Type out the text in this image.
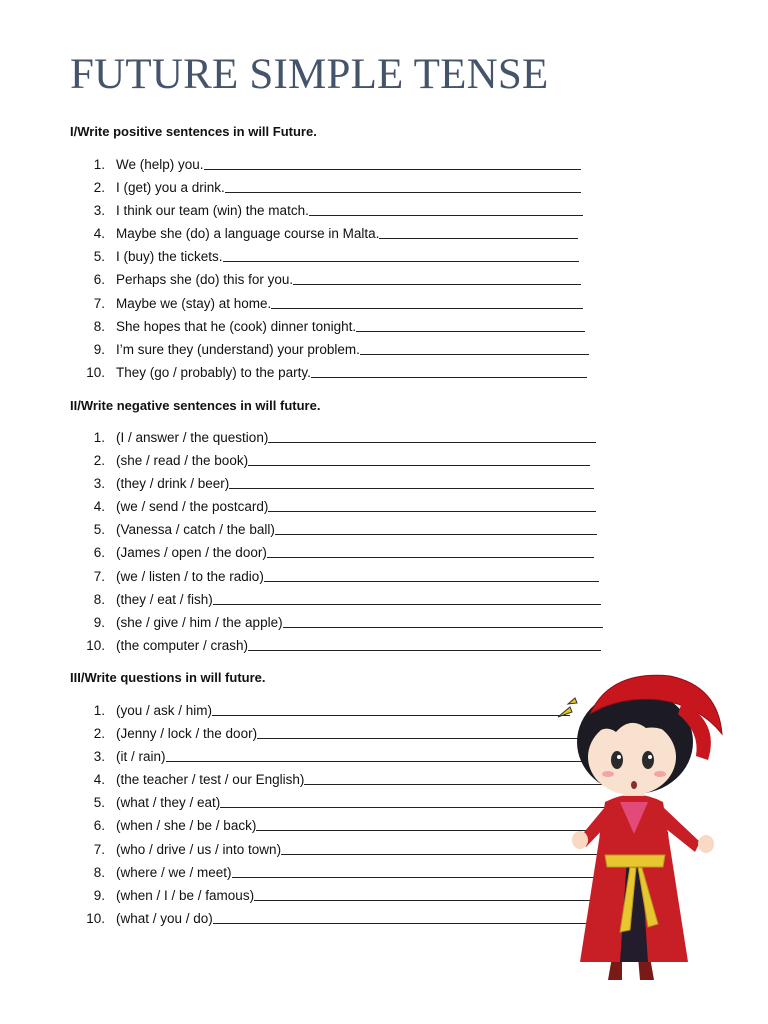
FUTURE SIMPLE TENSE
I/Write positive sentences in will Future.
1. We (help) you.
2. I (get) you a drink.
3. I think our team (win) the match.
4. Maybe she (do) a language course in Malta.
5. I (buy) the tickets.
6. Perhaps she (do) this for you.
7. Maybe we (stay) at home.
8. She hopes that he (cook) dinner tonight.
9. I’m sure they (understand) your problem.
10. They (go / probably) to the party.
II/Write negative sentences in will future.
1. (I / answer / the question)
2. (she / read / the book)
3. (they / drink / beer)
4. (we / send / the postcard)
5. (Vanessa / catch / the ball)
6. (James / open / the door)
7. (we / listen / to the radio)
8. (they / eat / fish)
9. (she / give / him / the apple)
10. (the computer / crash)
III/Write questions in will future.
1. (you / ask / him)
2. (Jenny / lock / the door)
3. (it / rain)
4. (the teacher / test / our English)
5. (what / they / eat)
6. (when / she / be / back)
7. (who / drive / us / into town)
8. (where / we / meet)
9. (when / I / be / famous)
10. (what / you / do)
